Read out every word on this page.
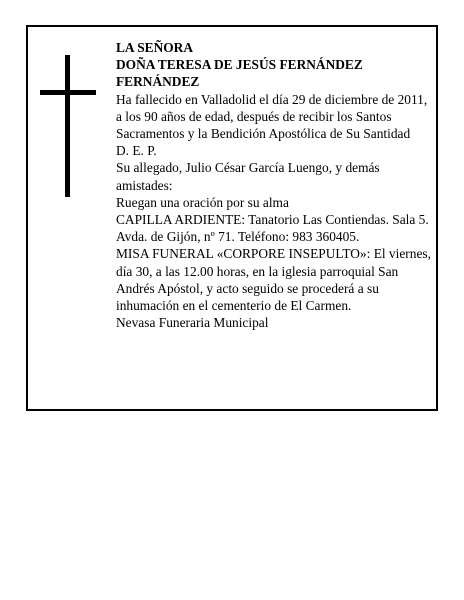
LA SEÑORA

DOÑA TERESA DE JESÚS FERNÁNDEZ FERNÁNDEZ

Ha fallecido en Valladolid el día 29 de diciembre de 2011, a los 90 años de edad, después de recibir los Santos Sacramentos y la Bendición Apostólica de Su Santidad

D. E. P.

Su allegado, Julio César García Luengo, y demás amistades:

Ruegan una oración por su alma

CAPILLA ARDIENTE: Tanatorio Las Contiendas. Sala 5. Avda. de Gijón, nº 71. Teléfono: 983 360405.

MISA FUNERAL «CORPORE INSEPULTO»: El viernes, día 30, a las 12.00 horas, en la iglesia parroquial San Andrés Apóstol, y acto seguido se procederá a su inhumación en el cementerio de El Carmen.

Nevasa Funeraria Municipal
